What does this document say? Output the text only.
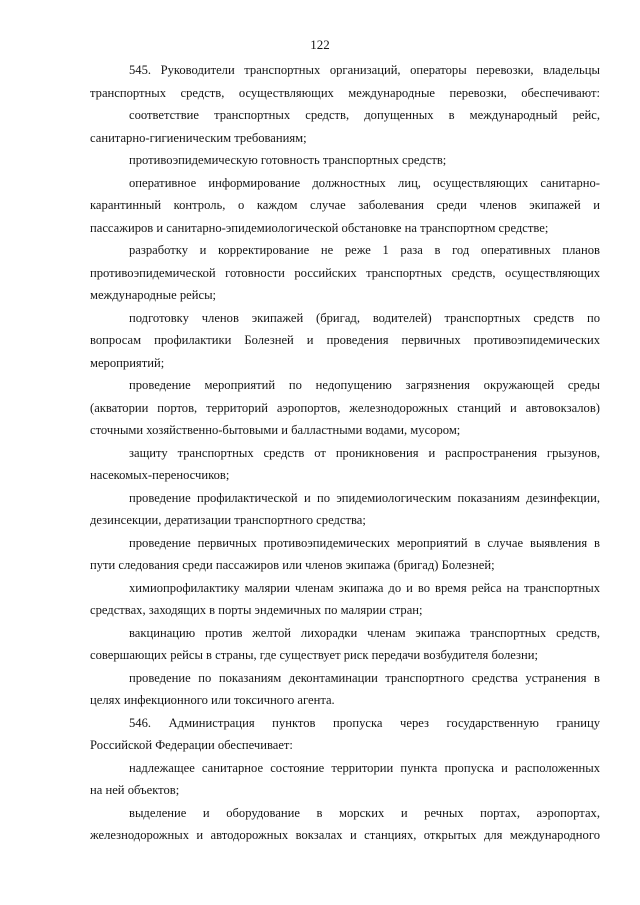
122
545. Руководители транспортных организаций, операторы перевозки, владельцы
транспортных средств, осуществляющих международные перевозки, обеспечивают:
соответствие транспортных средств, допущенных в международный рейс,
санитарно-гигиеническим требованиям;
противоэпидемическую готовность транспортных средств;
оперативное информирование должностных лиц, осуществляющих санитарно-
карантинный контроль, о каждом случае заболевания среди членов экипажей и
пассажиров и санитарно-эпидемиологической обстановке на транспортном средстве;
разработку и корректирование не реже 1 раза в год оперативных планов
противоэпидемической готовности российских транспортных средств, осуществляющих
международные рейсы;
подготовку членов экипажей (бригад, водителей) транспортных средств по
вопросам профилактики Болезней и проведения первичных противоэпидемических
мероприятий;
проведение мероприятий по недопущению загрязнения окружающей среды
(акватории портов, территорий аэропортов, железнодорожных станций и автовокзалов)
сточными хозяйственно-бытовыми и балластными водами, мусором;
защиту транспортных средств от проникновения и распространения грызунов,
насекомых-переносчиков;
проведение профилактической и по эпидемиологическим показаниям дезинфекции,
дезинсекции, дератизации транспортного средства;
проведение первичных противоэпидемических мероприятий в случае выявления в
пути следования среди пассажиров или членов экипажа (бригад) Болезней;
химиопрофилактику малярии членам экипажа до и во время рейса на транспортных
средствах, заходящих в порты эндемичных по малярии стран;
вакцинацию против желтой лихорадки членам экипажа транспортных средств,
совершающих рейсы в страны, где существует риск передачи возбудителя болезни;
проведение по показаниям деконтаминации транспортного средства устранения в
целях инфекционного или токсичного агента.
546. Администрация пунктов пропуска через государственную границу
Российской Федерации обеспечивает:
надлежащее санитарное состояние территории пункта пропуска и расположенных
на ней объектов;
выделение и оборудование в морских и речных портах, аэропортах,
железнодорожных и автодорожных вокзалах и станциях, открытых для международного
